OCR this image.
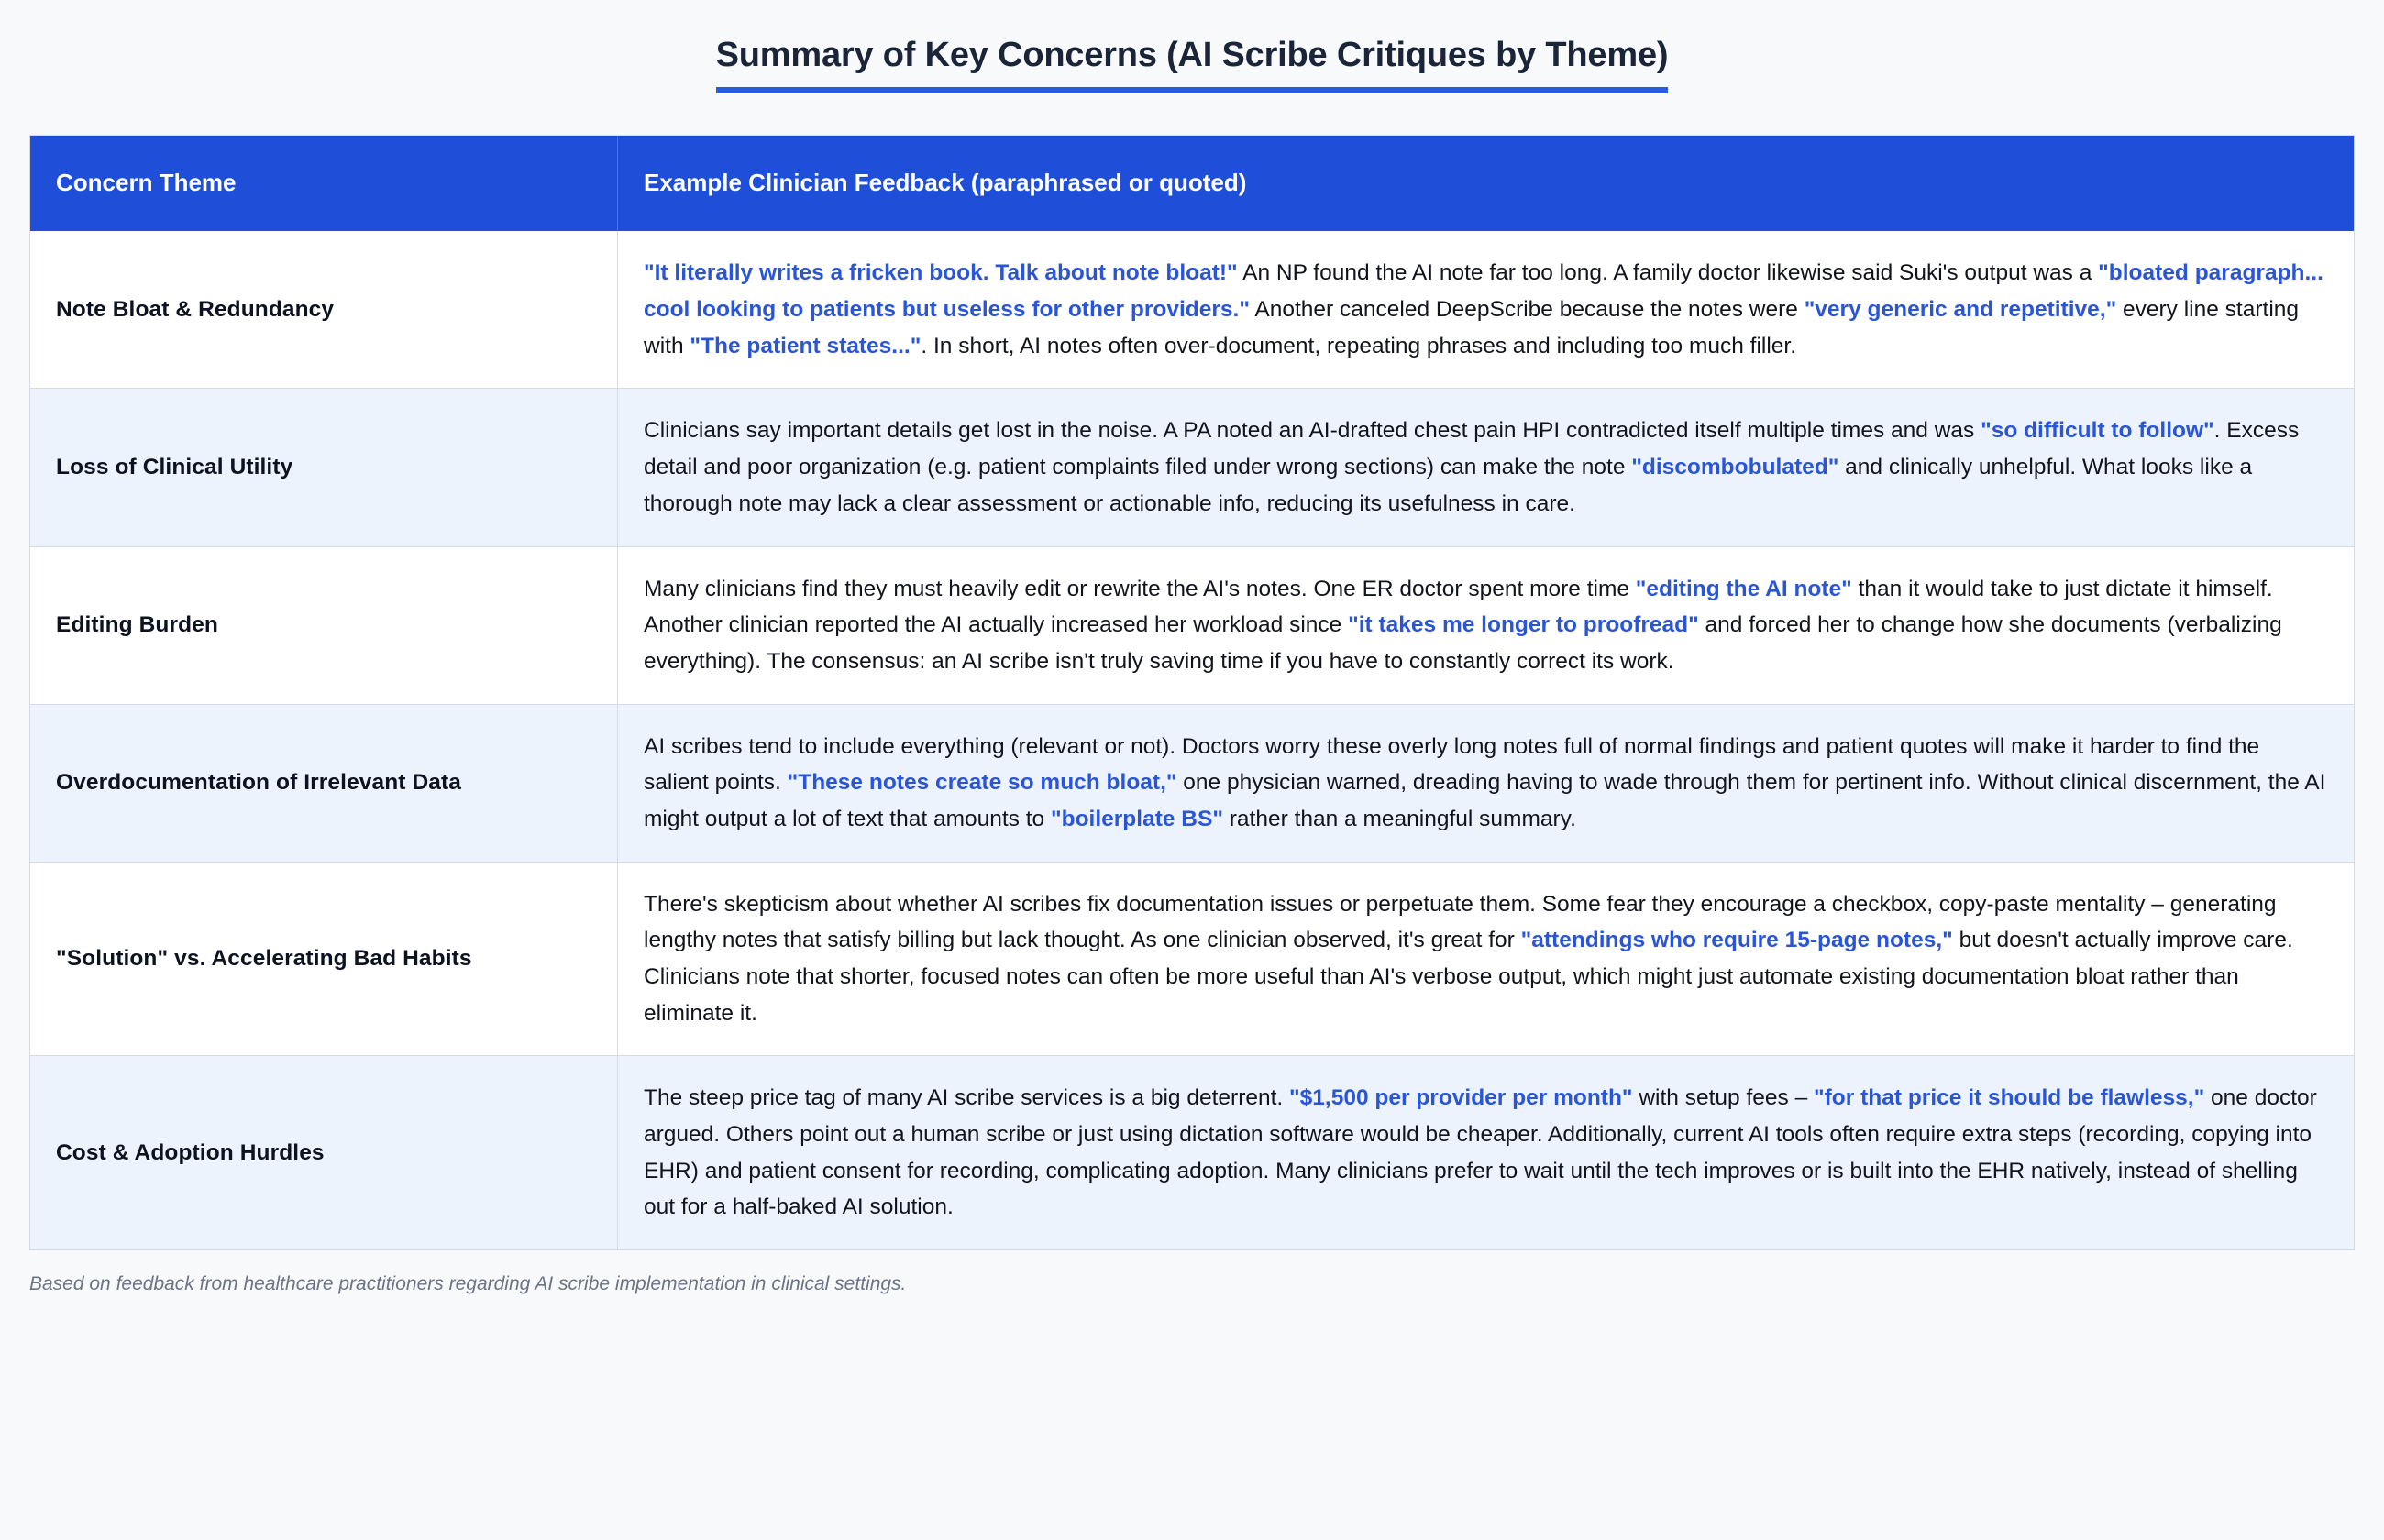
Summary of Key Concerns (AI Scribe Critiques by Theme)
Concern Theme	Example Clinician Feedback (paraphrased or quoted)
Note Bloat & Redundancy	"It literally writes a fricken book. Talk about note bloat!" An NP found the AI note far too long. A family doctor likewise said Suki's output was a "bloated paragraph... cool looking to patients but useless for other providers." Another canceled DeepScribe because the notes were "very generic and repetitive," every line starting with "The patient states...". In short, AI notes often over-document, repeating phrases and including too much filler.
Loss of Clinical Utility	Clinicians say important details get lost in the noise. A PA noted an AI-drafted chest pain HPI contradicted itself multiple times and was "so difficult to follow". Excess detail and poor organization (e.g. patient complaints filed under wrong sections) can make the note "discombobulated" and clinically unhelpful. What looks like a thorough note may lack a clear assessment or actionable info, reducing its usefulness in care.
Editing Burden	Many clinicians find they must heavily edit or rewrite the AI's notes. One ER doctor spent more time "editing the AI note" than it would take to just dictate it himself. Another clinician reported the AI actually increased her workload since "it takes me longer to proofread" and forced her to change how she documents (verbalizing everything). The consensus: an AI scribe isn't truly saving time if you have to constantly correct its work.
Overdocumentation of Irrelevant Data	AI scribes tend to include everything (relevant or not). Doctors worry these overly long notes full of normal findings and patient quotes will make it harder to find the salient points. "These notes create so much bloat," one physician warned, dreading having to wade through them for pertinent info. Without clinical discernment, the AI might output a lot of text that amounts to "boilerplate BS" rather than a meaningful summary.
"Solution" vs. Accelerating Bad Habits	There's skepticism about whether AI scribes fix documentation issues or perpetuate them. Some fear they encourage a checkbox, copy-paste mentality – generating lengthy notes that satisfy billing but lack thought. As one clinician observed, it's great for "attendings who require 15-page notes," but doesn't actually improve care. Clinicians note that shorter, focused notes can often be more useful than AI's verbose output, which might just automate existing documentation bloat rather than eliminate it.
Cost & Adoption Hurdles	The steep price tag of many AI scribe services is a big deterrent. "$1,500 per provider per month" with setup fees – "for that price it should be flawless," one doctor argued. Others point out a human scribe or just using dictation software would be cheaper. Additionally, current AI tools often require extra steps (recording, copying into EHR) and patient consent for recording, complicating adoption. Many clinicians prefer to wait until the tech improves or is built into the EHR natively, instead of shelling out for a half-baked AI solution.
Based on feedback from healthcare practitioners regarding AI scribe implementation in clinical settings.
